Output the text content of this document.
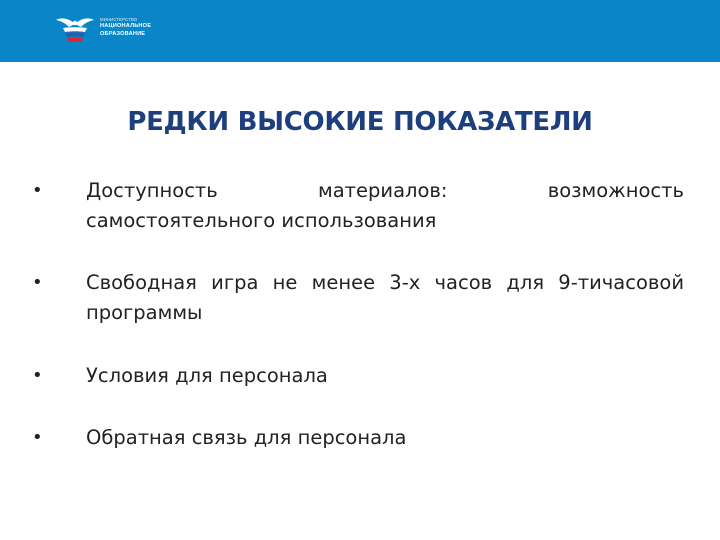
МИНИСТЕРСТВО
НАЦИОНАЛЬНОЕ
ОБРАЗОВАНИЕ
РЕДКИ ВЫСОКИЕ ПОКАЗАТЕЛИ
• Доступность материалов: возможность самостоятельного использования
• Свободная игра не менее 3-х часов для 9-тичасовой программы
• Условия для персонала
• Обратная связь для персонала
